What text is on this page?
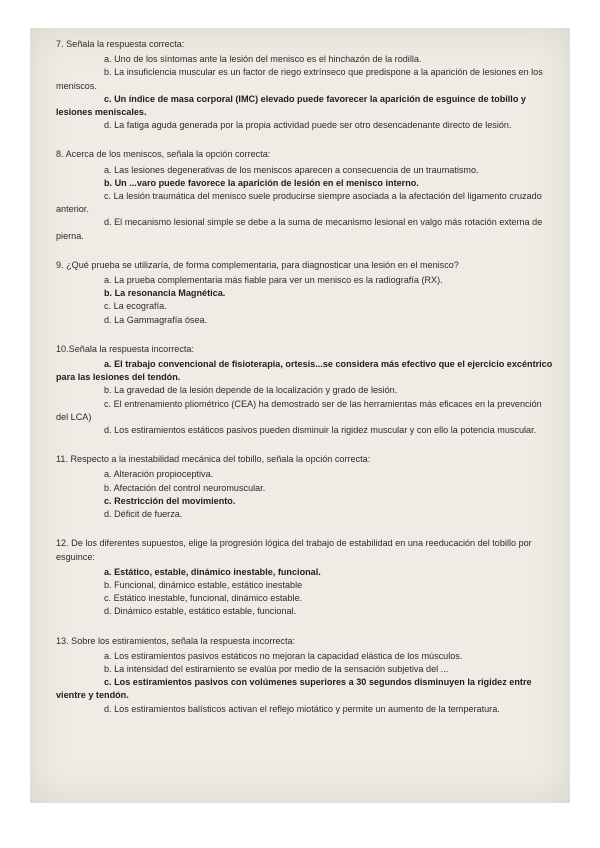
7. Señala la respuesta correcta:

a. Uno de los síntomas ante la lesión del menisco es el hinchazón de la rodilla.

b. La insuficiencia muscular es un factor de riego extrínseco que predispone a la aparición de lesiones en los meniscos.

c. Un índice de masa corporal (IMC) elevado puede favorecer la aparición de esguince de tobillo y lesiones meniscales.

d. La fatiga aguda generada por la propia actividad puede ser otro desencadenante directo de lesión.

8. Acerca de los meniscos, señala la opción correcta:

a. Las lesiones degenerativas de los meniscos aparecen a consecuencia de un traumatismo.

b. Un ...varo puede favorece la aparición de lesión en el menisco interno.

c. La lesión traumática del menisco suele producirse siempre asociada a la afectación del ligamento cruzado anterior.

d. El mecanismo lesional simple se debe a la suma de mecanismo lesional en valgo más rotación externa de pierna.

9. ¿Qué prueba se utilizaría, de forma complementaria, para diagnosticar una lesión en el menisco?

a. La prueba complementaria más fiable para ver un menisco es la radiografía (RX).

b. La resonancia Magnética.

c. La ecografía.

d. La Gammagrafía ósea.

10.Señala la respuesta incorrecta:

a. El trabajo convencional de fisioterapia, ortesis...se considera más efectivo que el ejercicio excéntrico para las lesiones del tendón.

b. La gravedad de la lesión depende de la localización y grado de lesión.

c. El entrenamiento pliométrico (CEA) ha demostrado ser de las herramientas más eficaces en la prevención del LCA)

d. Los estiramientos estáticos pasivos pueden disminuir la rigidez muscular y con ello la potencia muscular.

11. Respecto a la inestabilidad mecánica del tobillo, señala la opción correcta:

a. Alteración propioceptiva.

b. Afectación del control neuromuscular.

c. Restricción del movimiento.

d. Déficit de fuerza.

12. De los diferentes supuestos, elige la progresión lógica del trabajo de estabilidad en una reeducación del tobillo por esguince:

a. Estático, estable, dinámico inestable, funcional.

b. Funcional, dinámico estable, estático inestable

c. Estático inestable, funcional, dinámico estable.

d. Dinámico estable, estático estable, funcional.

13. Sobre los estiramientos, señala la respuesta incorrecta:

a. Los estiramientos pasivos estáticos no mejoran la capacidad elástica de los músculos.

b. La intensidad del estiramiento se evalúa por medio de la sensación subjetiva del ...

c. Los estiramientos pasivos con volúmenes superiores a 30 segundos disminuyen la rigidez entre vientre y tendón.

d. Los estiramientos balísticos activan el reflejo miotático y permite un aumento de la temperatura.
